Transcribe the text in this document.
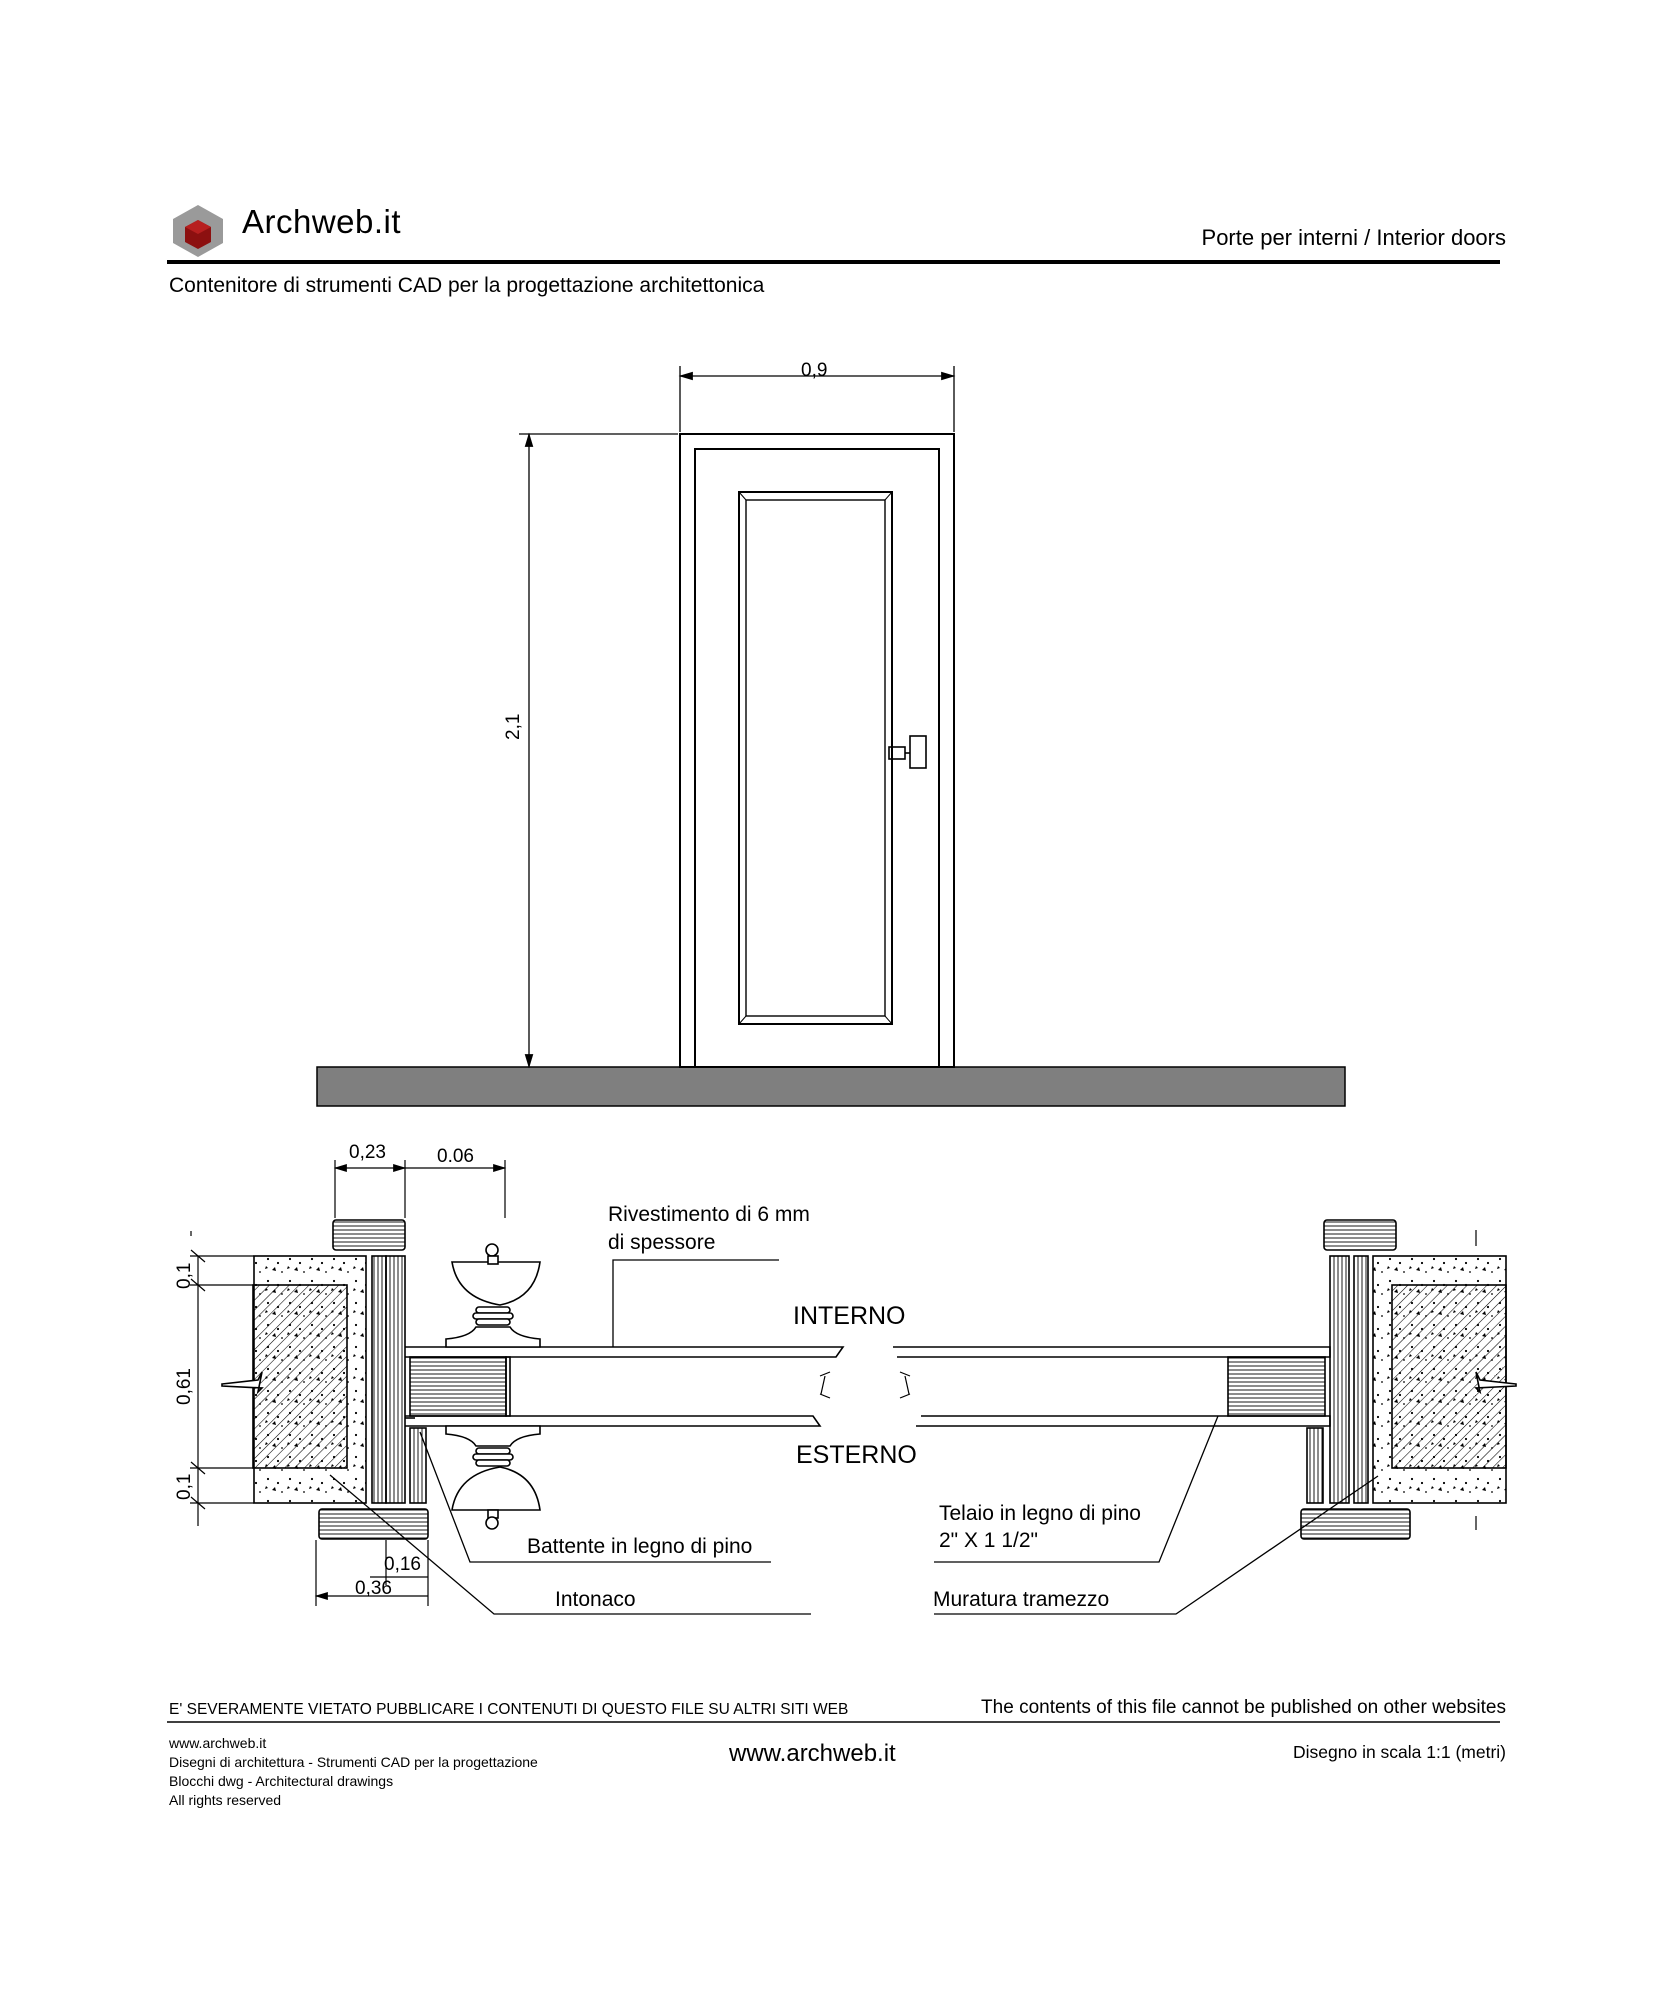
Archweb.it	Porte per interni / Interior doors
Contenitore di strumenti CAD per la progettazione architettonica
0,9
2,1
0,23	0.06
0,1
0,61
0,1
0,16
0,36
Rivestimento di 6 mm
di spessore
INTERNO
ESTERNO
Battente in legno di pino
Intonaco
Telaio in legno di pino
2" X 1 1/2"
Muratura tramezzo
E' SEVERAMENTE VIETATO PUBBLICARE I CONTENUTI DI QUESTO FILE SU ALTRI SITI WEB	The contents of this file cannot be published on other websites
www.archweb.it
Disegni di architettura - Strumenti CAD per la progettazione
Blocchi dwg - Architectural drawings
All rights reserved
www.archweb.it	Disegno in scala 1:1 (metri)
